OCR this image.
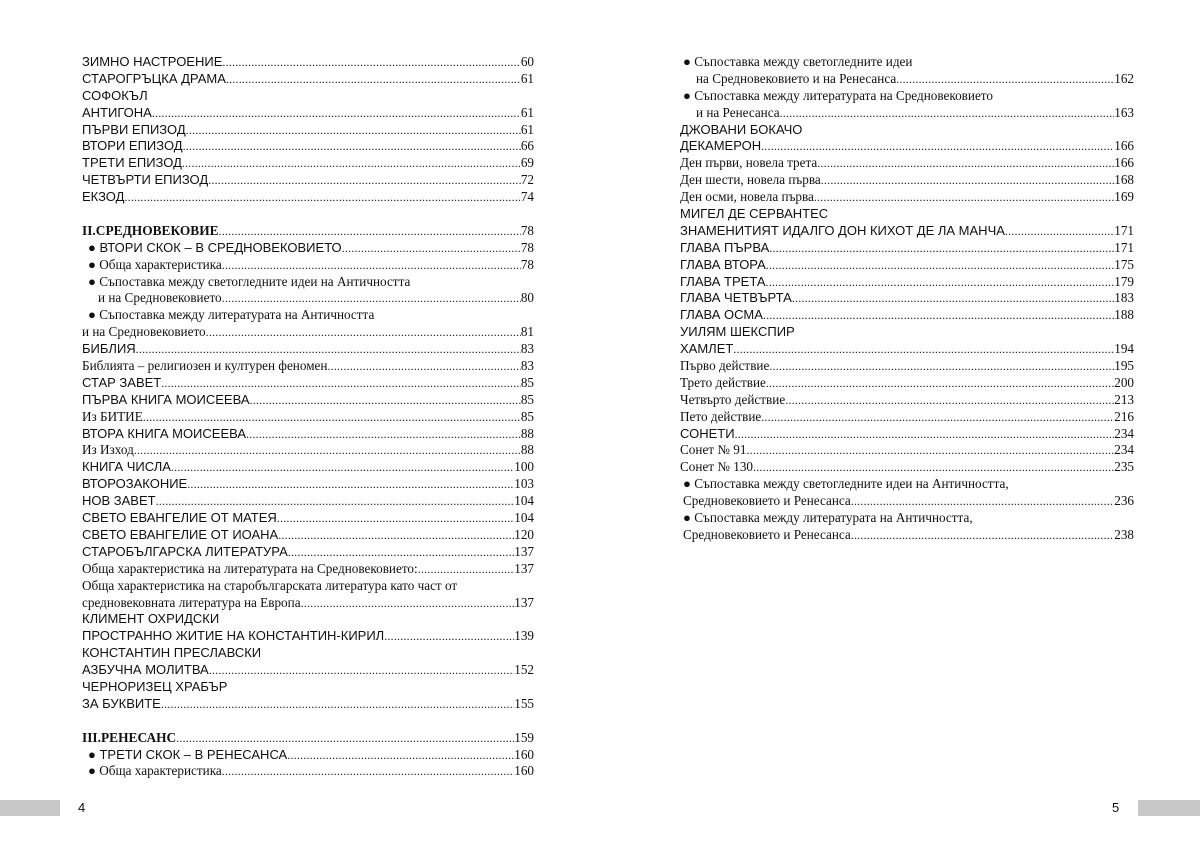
ЗИМНО НАСТРОЕНИЕ .....	60
СТАРОГРЪЦКА ДРАМА .....	61
СОФОКЪЛ
АНТИГОНА .....	61
ПЪРВИ ЕПИЗОД .....	61
ВТОРИ ЕПИЗОД .....	66
ТРЕТИ ЕПИЗОД .....	69
ЧЕТВЪРТИ ЕПИЗОД .....	72
ЕКЗОД .....	74
II. СРЕДНОВЕКОВИЕ .....	78
● ВТОРИ СКОК – В СРЕДНОВЕКОВИЕТО .....	78
● Обща характеристика .....	78
● Съпоставка между светогледните идеи на Античността
и на Средновековието .....	80
● Съпоставка между литературата на Античността
и на Средновековието .....	81
БИБЛИЯ .....	83
Библията – религиозен и културен феномен .....	83
СТАР ЗАВЕТ .....	85
ПЪРВА КНИГА МОИСЕЕВА .....	85
Из БИТИЕ .....	85
ВТОРА КНИГА МОИСЕЕВА .....	88
Из Изход .....	88
КНИГА ЧИСЛА .....	100
ВТОРОЗАКОНИЕ .....	103
НОВ ЗАВЕТ .....	104
СВЕТО ЕВАНГЕЛИЕ ОТ МАТЕЯ .....	104
СВЕТО ЕВАНГЕЛИЕ ОТ ИОАНА .....	120
СТАРОБЪЛГАРСКА ЛИТЕРАТУРА .....	137
Обща характеристика на литературата на Средновековието: .....	137
Обща характеристика на старобългарската литература като част от
средновековната литература на Европа .....	137
КЛИМЕНТ ОХРИДСКИ
ПРОСТРАННО ЖИТИЕ НА КОНСТАНТИН-КИРИЛ .....	139
КОНСТАНТИН ПРЕСЛАВСКИ
АЗБУЧНА МОЛИТВА .....	152
ЧЕРНОРИЗЕЦ ХРАБЪР
ЗА БУКВИТЕ .....	155
III. РЕНЕСАНС .....	159
● ТРЕТИ СКОК – В РЕНЕСАНСА .....	160
● Обща характеристика .....	160
● Съпоставка между светогледните идеи
на Средновековието и на Ренесанса .....	162
● Съпоставка между литературата на Средновековието
и на Ренесанса .....	163
ДЖОВАНИ БОКАЧО
ДЕКАМЕРОН .....	166
Ден първи, новела трета .....	166
Ден шести, новела първа .....	168
Ден осми, новела първа .....	169
МИГЕЛ ДЕ СЕРВАНТЕС
ЗНАМЕНИТИЯТ ИДАЛГО ДОН КИХОТ ДЕ ЛА МАНЧА .....	171
ГЛАВА ПЪРВА .....	171
ГЛАВА ВТОРА .....	175
ГЛАВА ТРЕТА .....	179
ГЛАВА ЧЕТВЪРТА .....	183
ГЛАВА ОСМА .....	188
УИЛЯМ ШЕКСПИР
ХАМЛЕТ .....	194
Първо действие .....	195
Трето действие .....	200
Четвърто действие .....	213
Пето действие .....	216
СОНЕТИ .....	234
Сонет № 91 .....	234
Сонет № 130 .....	235
● Съпоставка между светогледните идеи на Античността,
Средновековието и Ренесанса .....	236
● Съпоставка между литературата на Античността,
Средновековието и Ренесанса .....	238
4	5
